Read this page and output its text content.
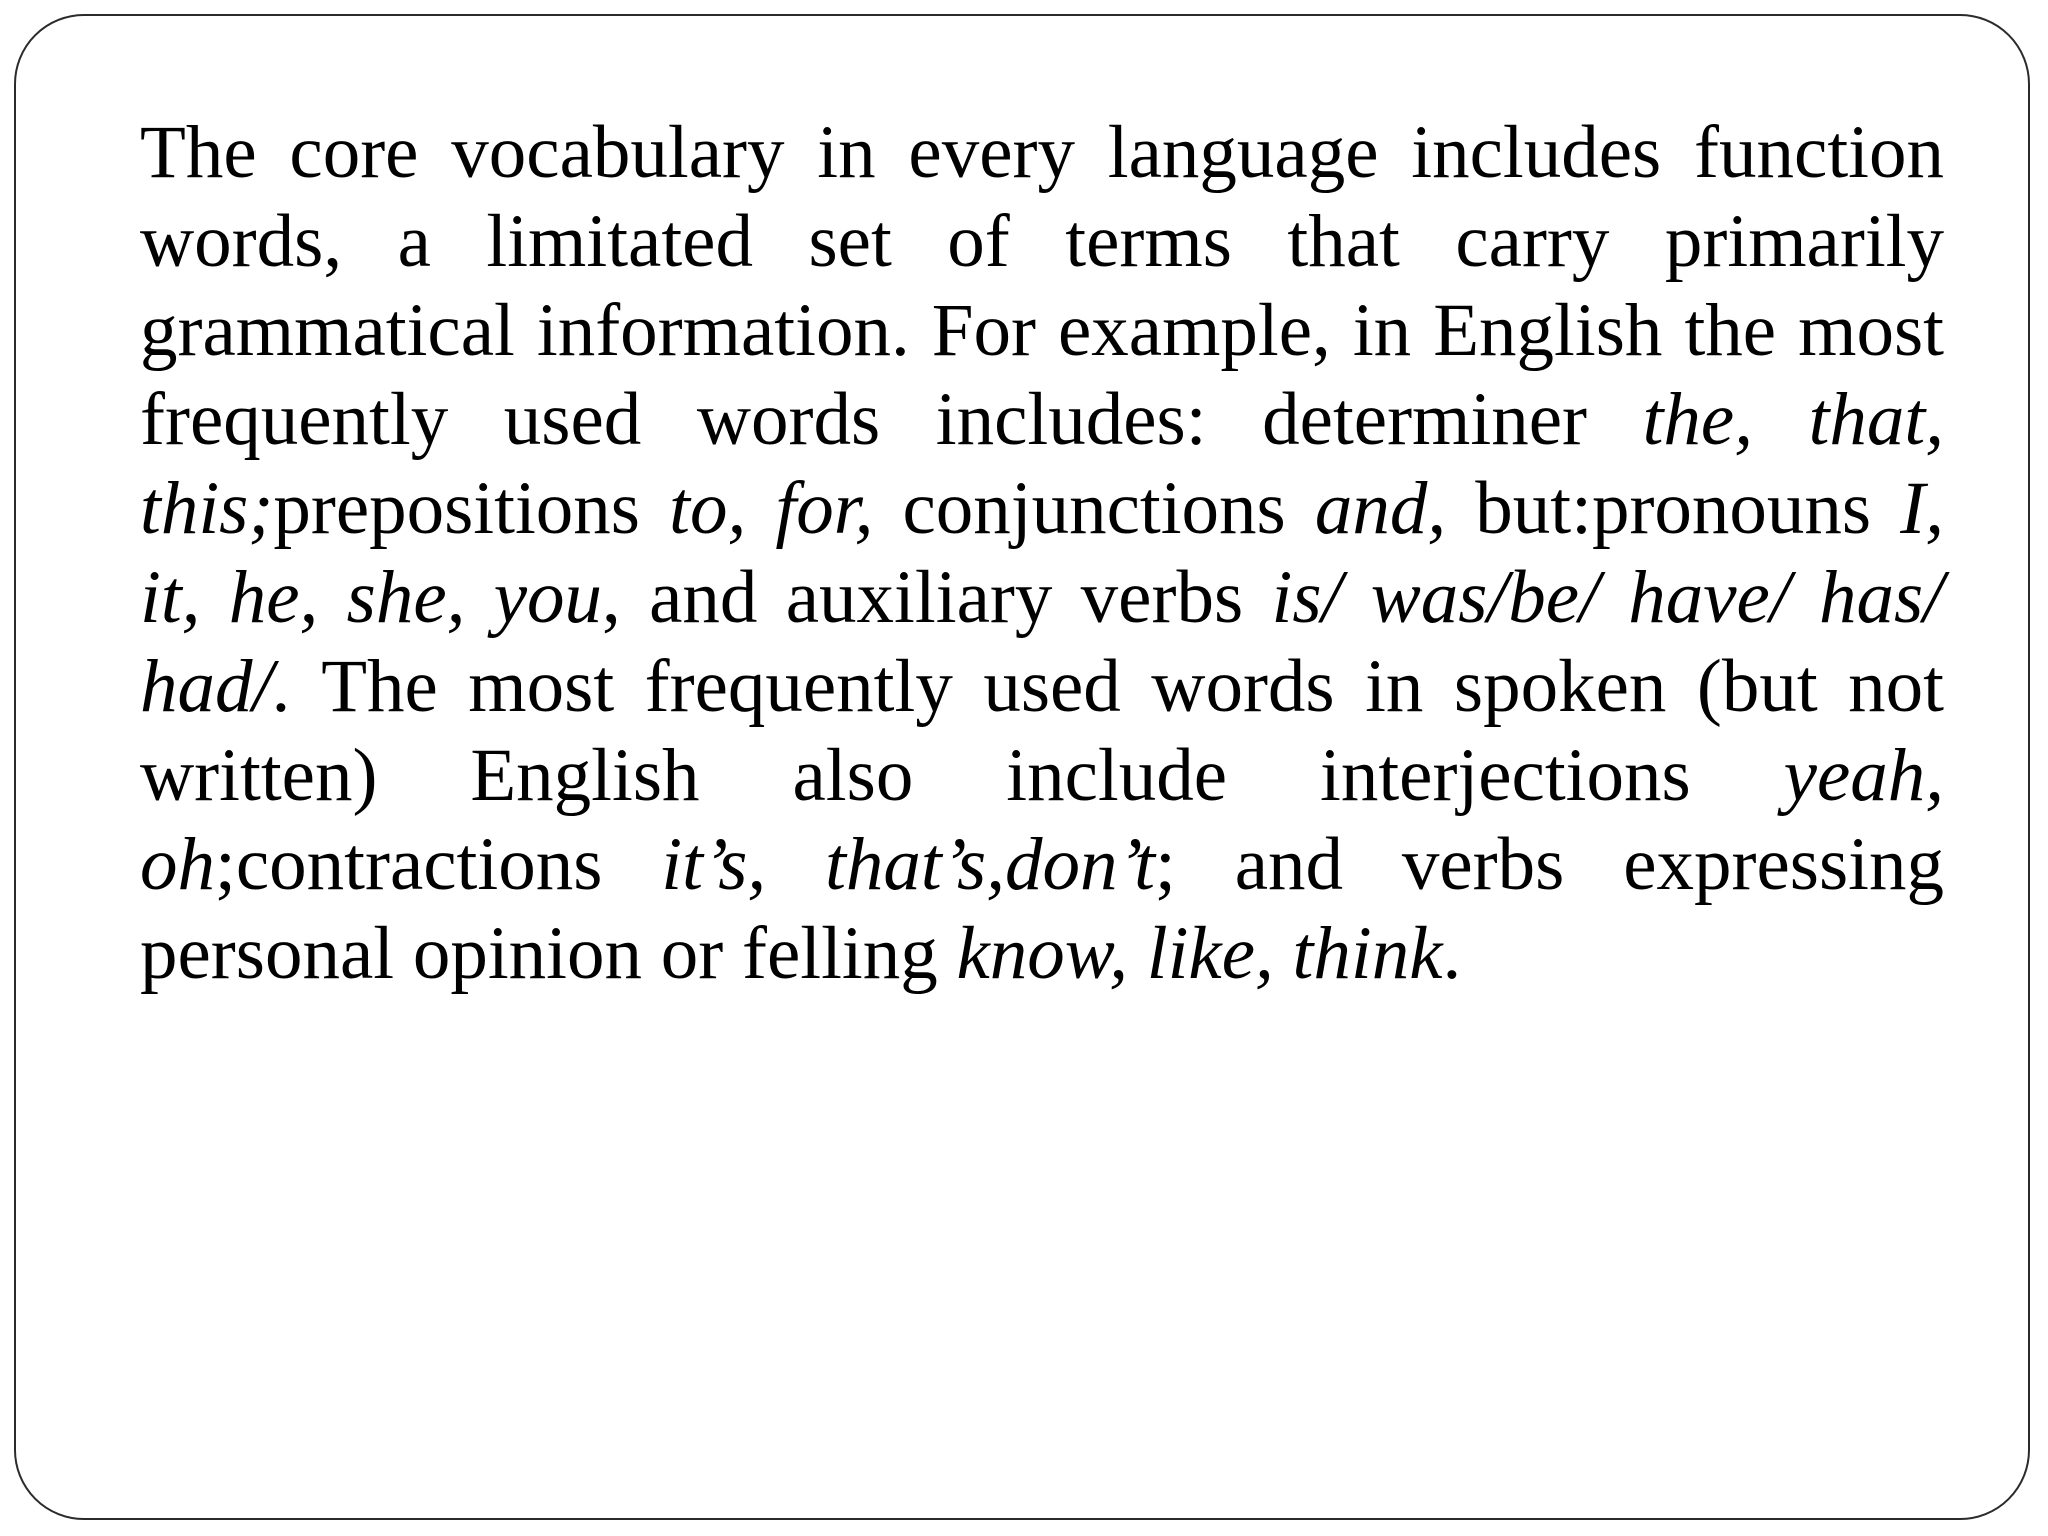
The core vocabulary in every language includes function words, a limitated set of terms that carry primarily grammatical information. For example, in English the most frequently used words includes: determiner the, that, this;prepositions to, for, conjunctions and, but:pronouns I, it, he, she, you, and auxiliary verbs is/ was/be/ have/ has/ had/. The most frequently used words in spoken (but not written) English also include interjections yeah, oh;contractions it’s, that’s,don’t; and verbs expressing personal opinion or felling know, like, think.
